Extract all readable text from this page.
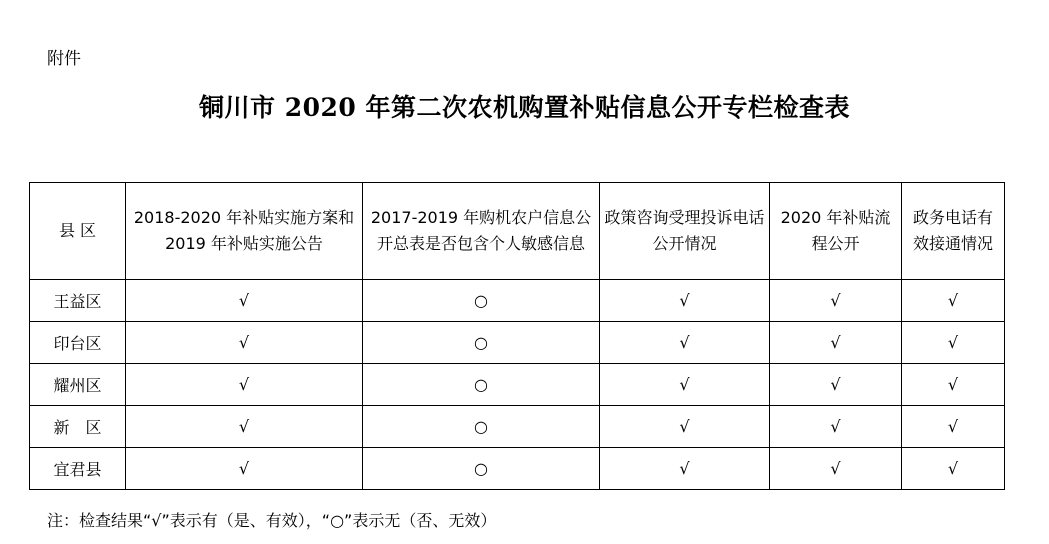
附件
铜川市 2020 年第二次农机购置补贴信息公开专栏检查表
县 区	2018-2020 年补贴实施方案和 2019 年补贴实施公告	2017-2019 年购机农户信息公开总表是否包含个人敏感信息	政策咨询受理投诉电话公开情况	2020 年补贴流程公开	政务电话有效接通情况
王益区	√	○	√	√	√
印台区	√	○	√	√	√
耀州区	√	○	√	√	√
新　区	√	○	√	√	√
宜君县	√	○	√	√	√
注：检查结果“√”表示有（是、有效），“○”表示无（否、无效）
